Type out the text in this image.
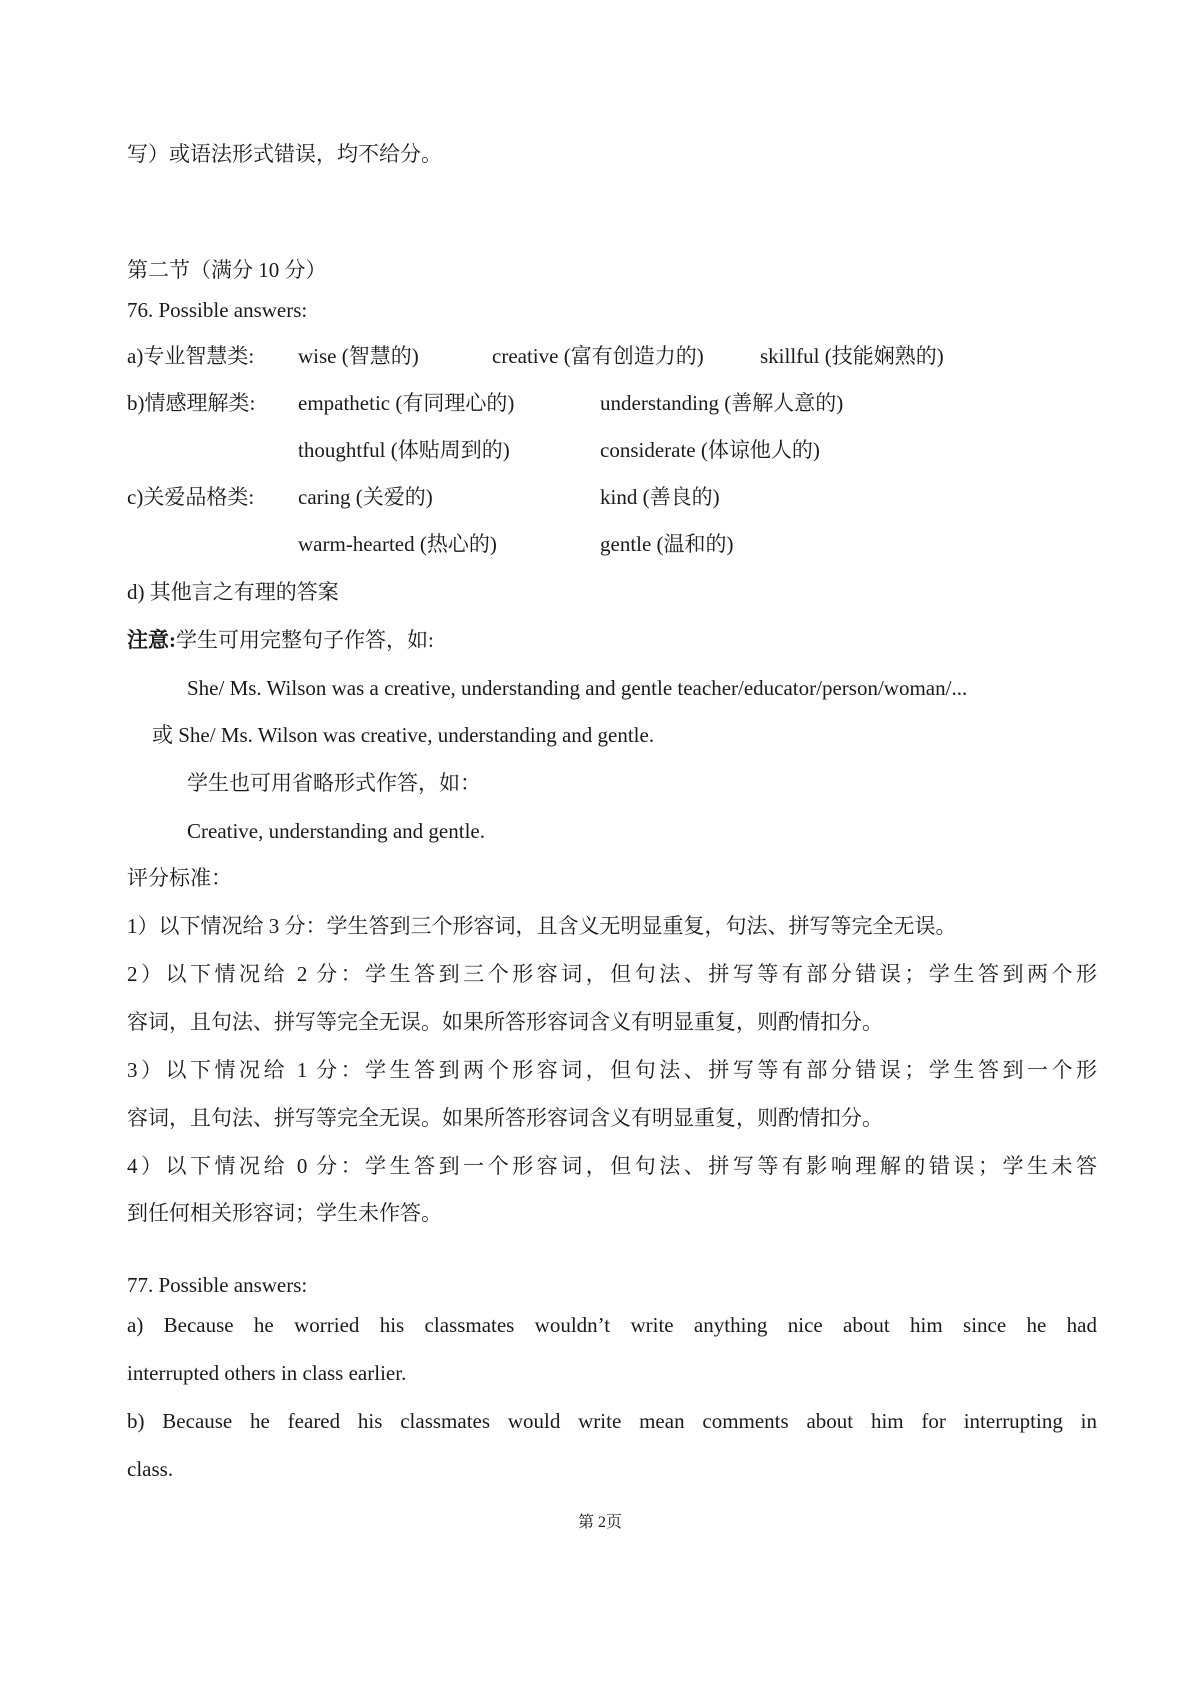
写）或语法形式错误，均不给分。
第二节（满分 10 分）
76. Possible answers:
a)专业智慧类: wise (智慧的)	creative (富有创造力的)	skillful (技能娴熟的)
b)情感理解类: empathetic (有同理心的)	understanding (善解人意的)
thoughtful (体贴周到的)	considerate (体谅他人的)
c)关爱品格类: caring (关爱的)	kind (善良的)
warm-hearted (热心的)	gentle (温和的)
d) 其他言之有理的答案
注意:学生可用完整句子作答，如:
She/ Ms. Wilson was a creative, understanding and gentle teacher/educator/person/woman/...
或 She/ Ms. Wilson was creative, understanding and gentle.
学生也可用省略形式作答，如：
Creative, understanding and gentle.
评分标准：
1）以下情况给 3 分：学生答到三个形容词，且含义无明显重复，句法、拼写等完全无误。
2）以下情况给 2 分：学生答到三个形容词，但句法、拼写等有部分错误；学生答到两个形
容词，且句法、拼写等完全无误。如果所答形容词含义有明显重复，则酌情扣分。
3）以下情况给 1 分：学生答到两个形容词，但句法、拼写等有部分错误；学生答到一个形
容词，且句法、拼写等完全无误。如果所答形容词含义有明显重复，则酌情扣分。
4）以下情况给 0 分：学生答到一个形容词，但句法、拼写等有影响理解的错误；学生未答
到任何相关形容词；学生未作答。
77. Possible answers:
a) Because he worried his classmates wouldn’t write anything nice about him since he had
interrupted others in class earlier.
b) Because he feared his classmates would write mean comments about him for interrupting in
class.
第 2页
